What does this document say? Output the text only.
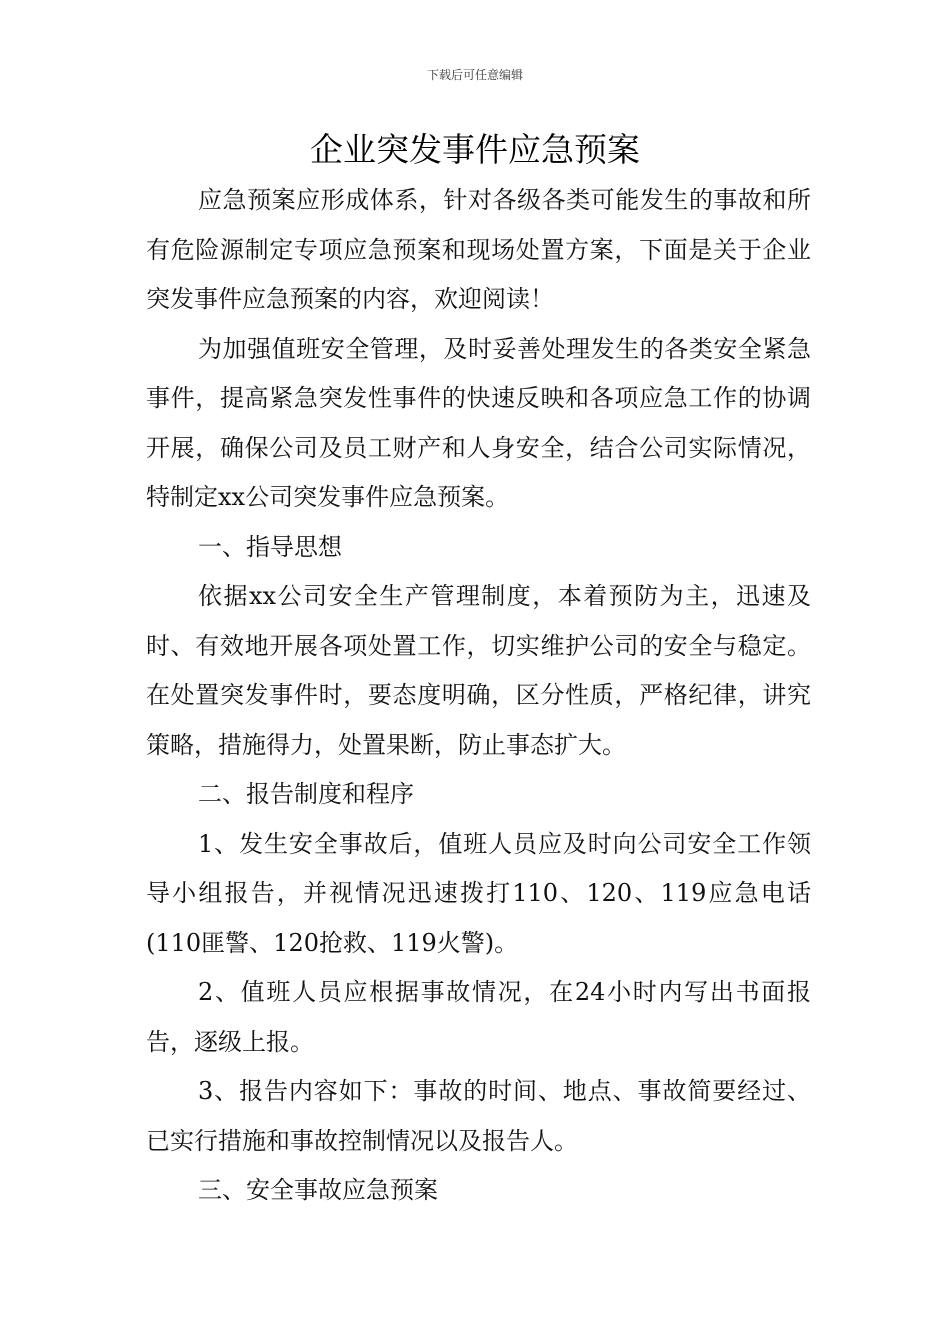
下载后可任意编辑
企业突发事件应急预案

应急预案应形成体系，针对各级各类可能发生的事故和所有危险源制定专项应急预案和现场处置方案，下面是关于企业突发事件应急预案的内容，欢迎阅读！

为加强值班安全管理，及时妥善处理发生的各类安全紧急事件，提高紧急突发性事件的快速反映和各项应急工作的协调开展，确保公司及员工财产和人身安全，结合公司实际情况，特制定xx公司突发事件应急预案。

一、指导思想

依据xx公司安全生产管理制度，本着预防为主，迅速及时、有效地开展各项处置工作，切实维护公司的安全与稳定。在处置突发事件时，要态度明确，区分性质，严格纪律，讲究策略，措施得力，处置果断，防止事态扩大。

二、报告制度和程序

1、发生安全事故后，值班人员应及时向公司安全工作领导小组报告，并视情况迅速拨打110、120、119应急电话(110匪警、120抢救、119火警)。

2、值班人员应根据事故情况，在24小时内写出书面报告，逐级上报。

3、报告内容如下：事故的时间、地点、事故简要经过、已实行措施和事故控制情况以及报告人。

三、安全事故应急预案
